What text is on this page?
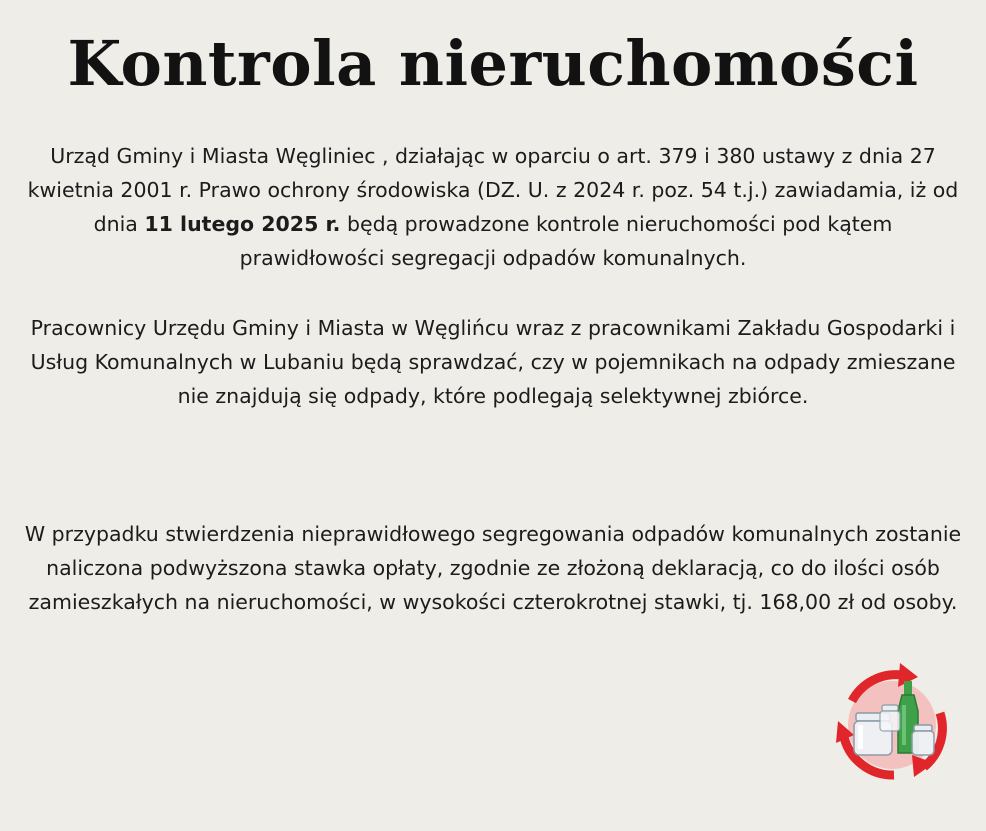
Kontrola nieruchomości
Urząd Gminy i Miasta Węgliniec , działając w oparciu o art. 379 i 380 ustawy z dnia 27 kwietnia 2001 r. Prawo ochrony środowiska (DZ. U. z 2024 r. poz. 54 t.j.) zawiadamia, iż od dnia 11 lutego 2025 r. będą prowadzone kontrole nieruchomości pod kątem prawidłowości segregacji odpadów komunalnych.
Pracownicy Urzędu Gminy i Miasta w Węglińcu wraz z pracownikami Zakładu Gospodarki i Usług Komunalnych w Lubaniu będą sprawdzać, czy w pojemnikach na odpady zmieszane nie znajdują się odpady, które podlegają selektywnej zbiórce.
W przypadku stwierdzenia nieprawidłowego segregowania odpadów komunalnych zostanie naliczona podwyższona stawka opłaty, zgodnie ze złożoną deklaracją, co do ilości osób zamieszkałych na nieruchomości, w wysokości czterokrotnej stawki, tj. 168,00 zł od osoby.
